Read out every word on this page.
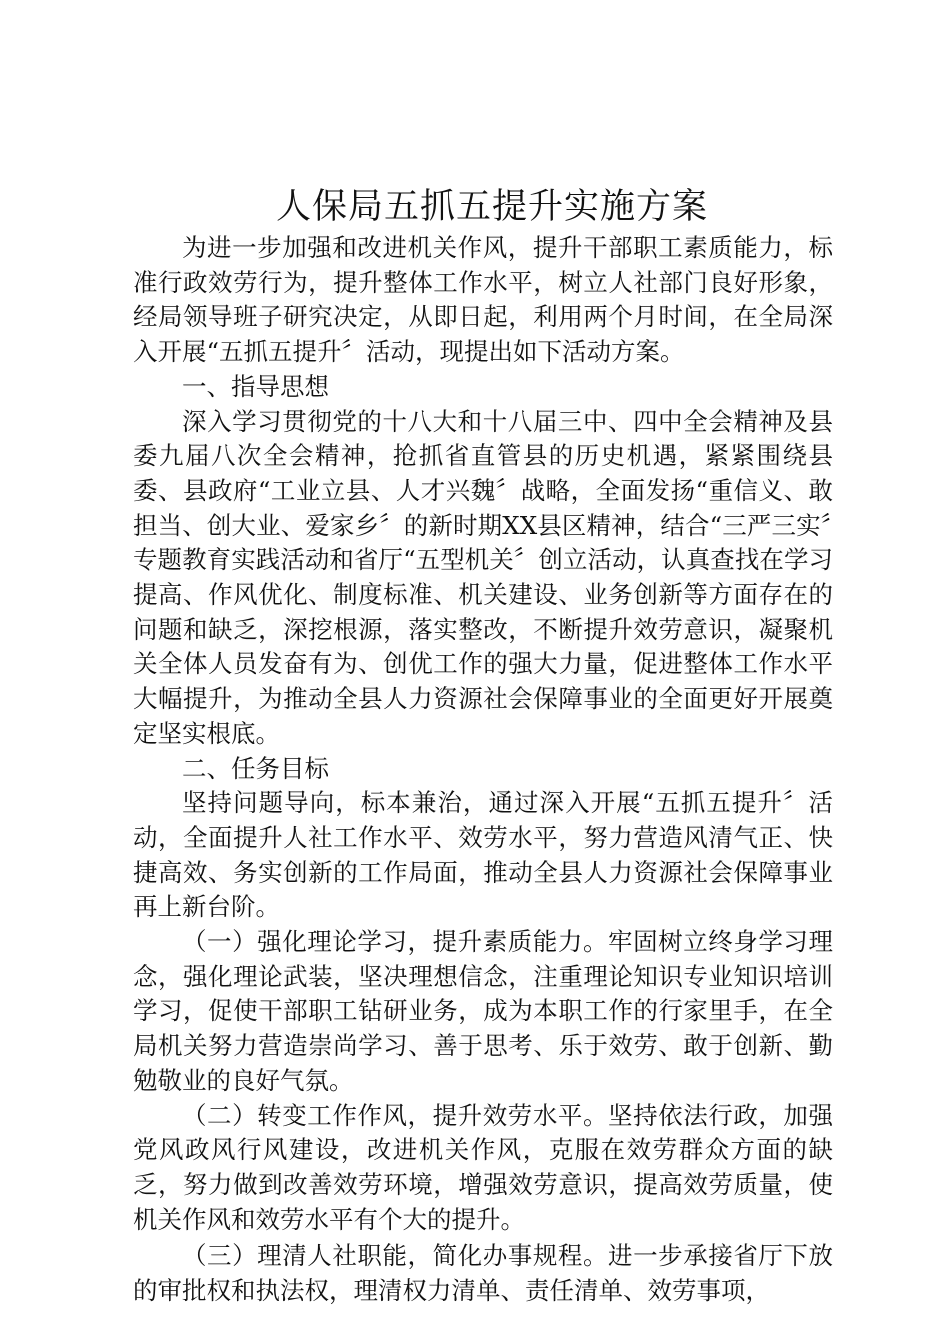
人保局五抓五提升实施方案

为进一步加强和改进机关作风，提升干部职工素质能力，标准行政效劳行为，提升整体工作水平，树立人社部门良好形象，经局领导班子研究决定，从即日起，利用两个月时间，在全局深入开展“五抓五提升〞活动，现提出如下活动方案。

一、指导思想

深入学习贯彻党的十八大和十八届三中、四中全会精神及县委九届八次全会精神，抢抓省直管县的历史机遇，紧紧围绕县委、县政府“工业立县、人才兴魏〞战略，全面发扬“重信义、敢担当、创大业、爱家乡〞的新时期XX县区精神，结合“三严三实〞专题教育实践活动和省厅“五型机关〞创立活动，认真查找在学习提高、作风优化、制度标准、机关建设、业务创新等方面存在的问题和缺乏，深挖根源，落实整改，不断提升效劳意识，凝聚机关全体人员发奋有为、创优工作的强大力量，促进整体工作水平大幅提升，为推动全县人力资源社会保障事业的全面更好开展奠定坚实根底。

二、任务目标

坚持问题导向，标本兼治，通过深入开展“五抓五提升〞活动，全面提升人社工作水平、效劳水平，努力营造风清气正、快捷高效、务实创新的工作局面，推动全县人力资源社会保障事业再上新台阶。

（一）强化理论学习，提升素质能力。牢固树立终身学习理念，强化理论武装，坚决理想信念，注重理论知识专业知识培训学习，促使干部职工钻研业务，成为本职工作的行家里手，在全局机关努力营造崇尚学习、善于思考、乐于效劳、敢于创新、勤勉敬业的良好气氛。

（二）转变工作作风，提升效劳水平。坚持依法行政，加强党风政风行风建设，改进机关作风，克服在效劳群众方面的缺乏，努力做到改善效劳环境，增强效劳意识，提高效劳质量，使机关作风和效劳水平有个大的提升。

（三）理清人社职能，简化办事规程。进一步承接省厅下放的审批权和执法权，理清权力清单、责任清单、效劳事项，
